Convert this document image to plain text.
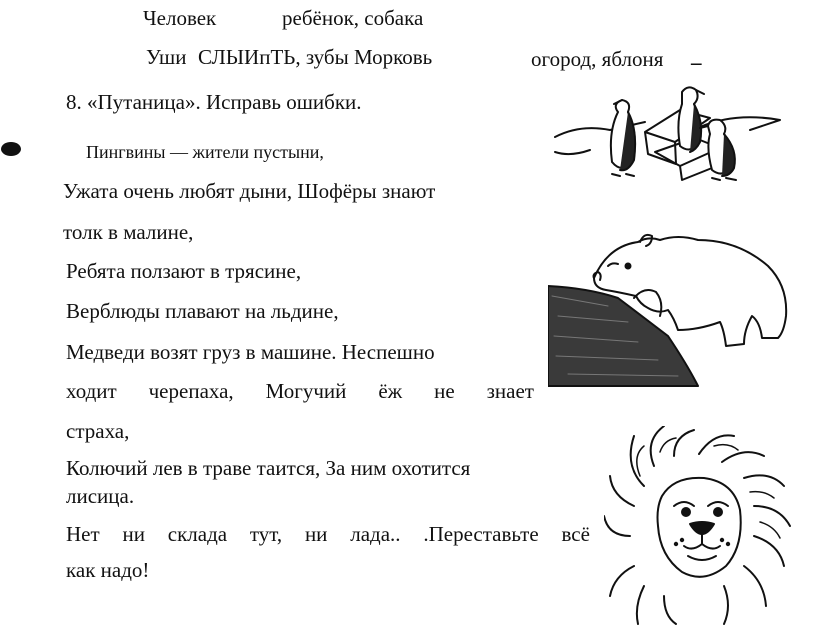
Человек	ребёнок, собака
Уши СЛЫИпТЬ, зубы Морковь	огород, яблоня _
8. «Путаница». Исправь ошибки.
Пингвины — жители пустыни,
Ужата очень любят дыни, Шофёры знают
толк в малине,
Ребята ползают в трясине,
Верблюды плавают на льдине,
Медведи возят груз в машине. Неспешно
ходит черепаха, Могучий ёж не знает
страха,
Колючий лев в траве таится, За ним охотится
лисица.
Нет ни склада тут, ни лада.. .Переставьте всё
как надо!
